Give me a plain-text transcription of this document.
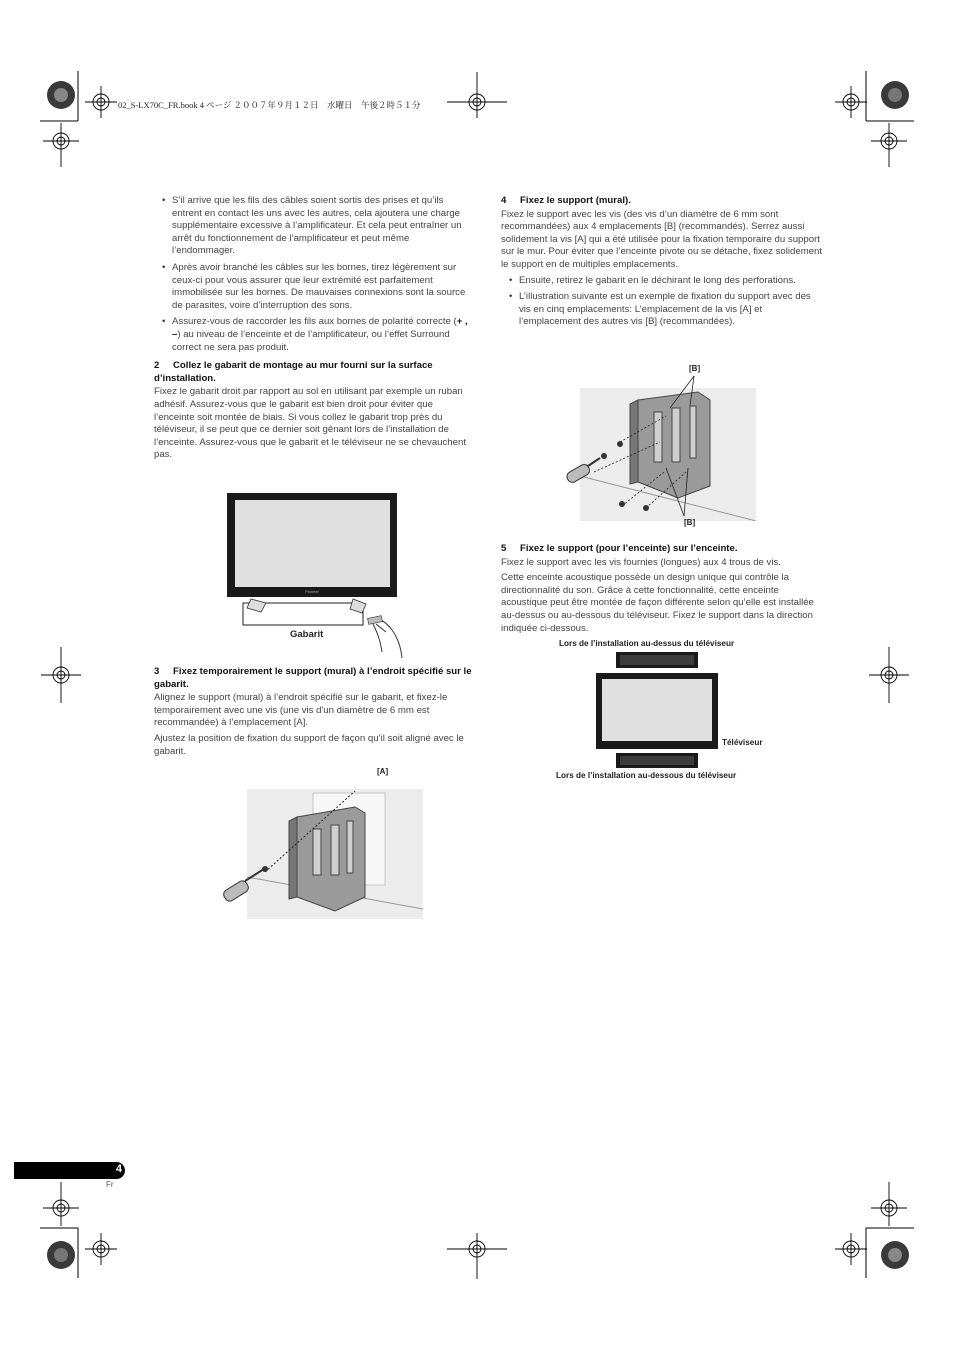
02_S-LX70C_FR.book 4 ページ ２００７年９月１２日　水曜日　午後２時５１分
• S’il arrive que les fils des câbles soient sortis des prises et qu’ils entrent en contact les uns avec les autres, cela ajoutera une charge supplémentaire excessive à l’amplificateur. Et cela peut entraîner un arrêt du fonctionnement de l’amplificateur et peut même l’endommager.
• Après avoir branché les câbles sur les bornes, tirez légèrement sur ceux-ci pour vous assurer que leur extrémité est parfaitement immobilisée sur les bornes. De mauvaises connexions sont la source de parasites, voire d’interruption des sons.
• Assurez-vous de raccorder les fils aux bornes de polarité correcte (+ , –) au niveau de l’enceinte et de l’amplificateur, ou l’effet Surround correct ne sera pas produit.
2 Collez le gabarit de montage au mur fourni sur la surface d’installation.

Fixez le gabarit droit par rapport au sol en utilisant par exemple un ruban adhésif. Assurez-vous que le gabarit est bien droit pour éviter que l’enceinte soit montée de biais. Si vous collez le gabarit trop près du téléviseur, il se peut que ce dernier soit gênant lors de l’installation de l’enceinte. Assurez-vous que le gabarit et le téléviseur ne se chevauchent pas.

Pioneer
Gabarit
3 Fixez temporairement le support (mural) à l’endroit spécifié sur le gabarit.

Alignez le support (mural) à l’endroit spécifié sur le gabarit, et fixez-le temporairement avec une vis (une vis d'un diamètre de 6 mm est recommandée) à l’emplacement [A].

Ajustez la position de fixation du support de façon qu’il soit aligné avec le gabarit.

[A]
4 Fixez le support (mural).

Fixez le support avec les vis (des vis d’un diamètre de 6 mm sont recommandées) aux 4 emplacements [B] (recommandés). Serrez aussi solidement la vis [A] qui a été utilisée pour la fixation temporaire du support sur le mur. Pour éviter que l’enceinte pivote ou se détache, fixez solidement le support en de multiples emplacements.

• Ensuite, retirez le gabarit en le déchirant le long des perforations.
• L’illustration suivante est un exemple de fixation du support avec des vis en cinq emplacements: L’emplacement de la vis [A] et l’emplacement des autres vis [B] (recommandées).
[B]
[B]
5 Fixez le support (pour l’enceinte) sur l’enceinte.

Fixez le support avec les vis fournies (longues) aux 4 trous de vis.

Cette enceinte acoustique possède un design unique qui contrôle la directionnalité du son. Grâce à cette fonctionnalité, cette enceinte acoustique peut être montée de façon différente selon qu’elle est installée au-dessus ou au-dessous du téléviseur. Fixez le support dans la direction indiquée ci-dessous.

Lors de l’installation au-dessus du téléviseur
Téléviseur
Lors de l’installation au-dessous du téléviseur
4
Fr
